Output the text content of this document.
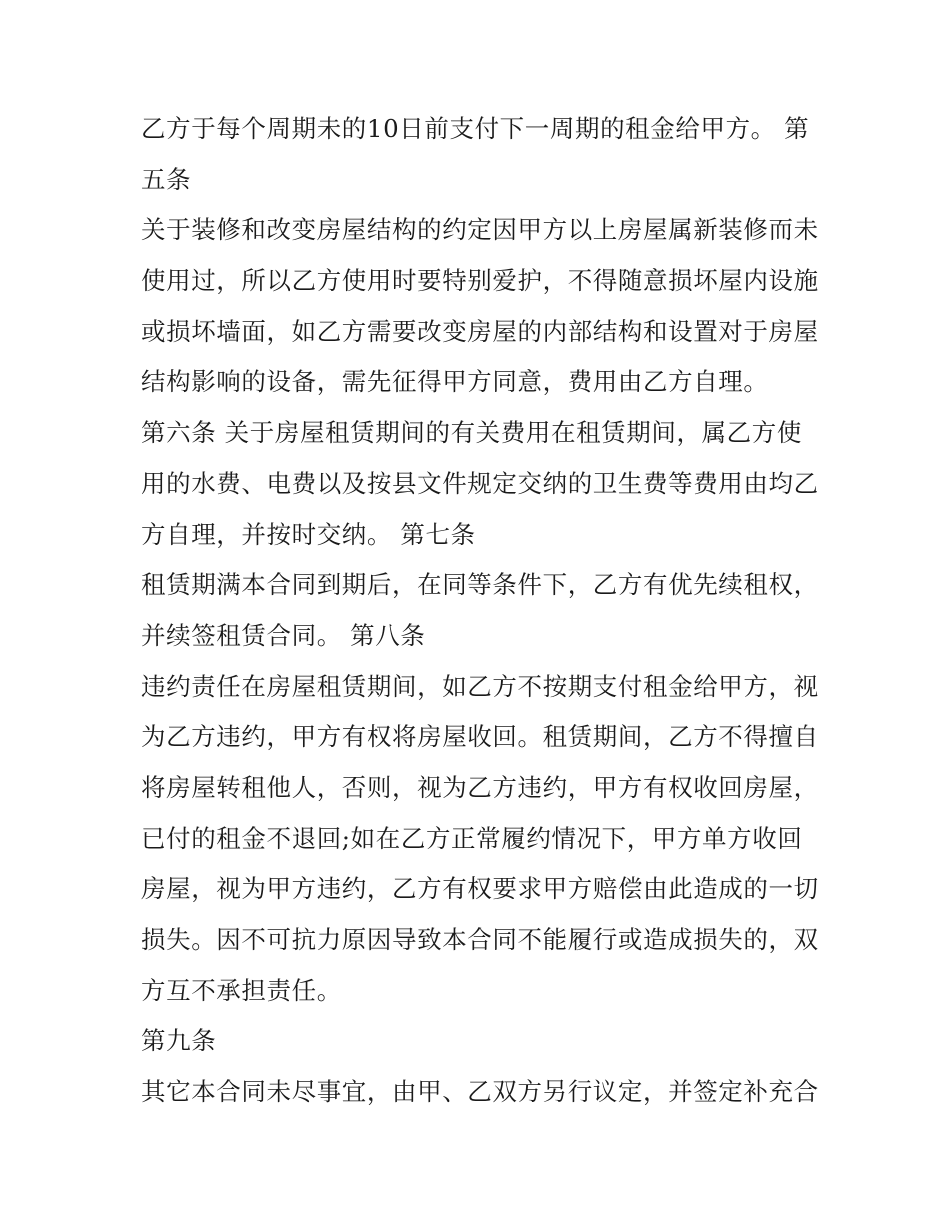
乙方于每个周期未的10日前支付下一周期的租金给甲方。 第
五条
关于装修和改变房屋结构的约定因甲方以上房屋属新装修而未
使用过，所以乙方使用时要特别爱护，不得随意损坏屋内设施
或损坏墙面，如乙方需要改变房屋的内部结构和设置对于房屋
结构影响的设备，需先征得甲方同意，费用由乙方自理。
第六条 关于房屋租赁期间的有关费用在租赁期间，属乙方使
用的水费、电费以及按县文件规定交纳的卫生费等费用由均乙
方自理，并按时交纳。 第七条
租赁期满本合同到期后，在同等条件下，乙方有优先续租权，
并续签租赁合同。 第八条
违约责任在房屋租赁期间，如乙方不按期支付租金给甲方，视
为乙方违约，甲方有权将房屋收回。租赁期间，乙方不得擅自
将房屋转租他人，否则，视为乙方违约，甲方有权收回房屋，
已付的租金不退回;如在乙方正常履约情况下，甲方单方收回
房屋，视为甲方违约，乙方有权要求甲方赔偿由此造成的一切
损失。因不可抗力原因导致本合同不能履行或造成损失的，双
方互不承担责任。
第九条
其它本合同未尽事宜，由甲、乙双方另行议定，并签定补充合
